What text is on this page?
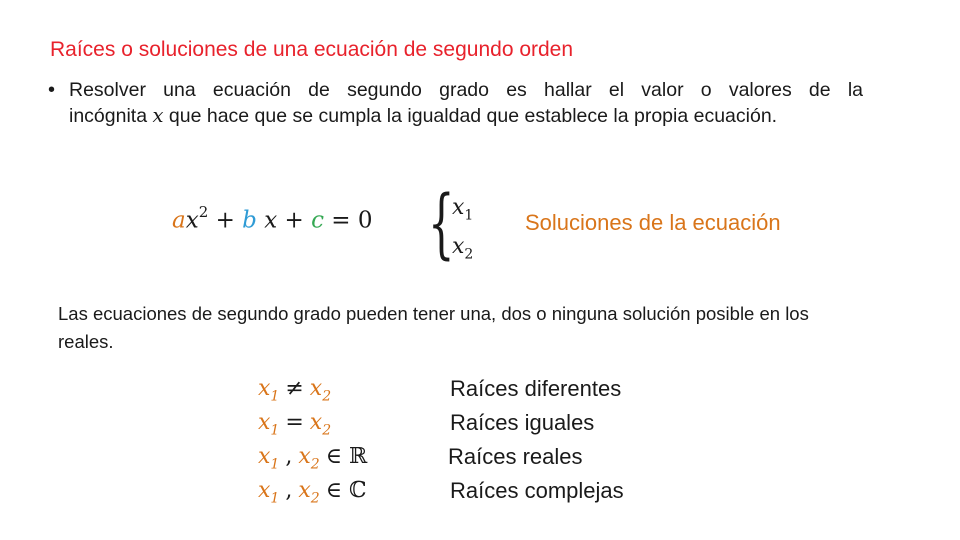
Raíces o soluciones de una ecuación de segundo orden
• Resolver una ecuación de segundo grado es hallar el valor o valores de la
incógnita x que hace que se cumpla la igualdad que establece la propia ecuación.
$ax^2 + b$ x + c = 0 {
$x_1$
$x_2$
Soluciones de la ecuación
Las ecuaciones de segundo grado pueden tener una, dos o ninguna solución posible en los reales.
$x_1 \ne x_2$	Raíces diferentes
$x_1 = x_2$	Raíces iguales
$x_1$ , $x_2$ ∈ ℝ	Raíces reales
$x_1$ , $x_2$ ∈ ℂ	Raíces complejas
